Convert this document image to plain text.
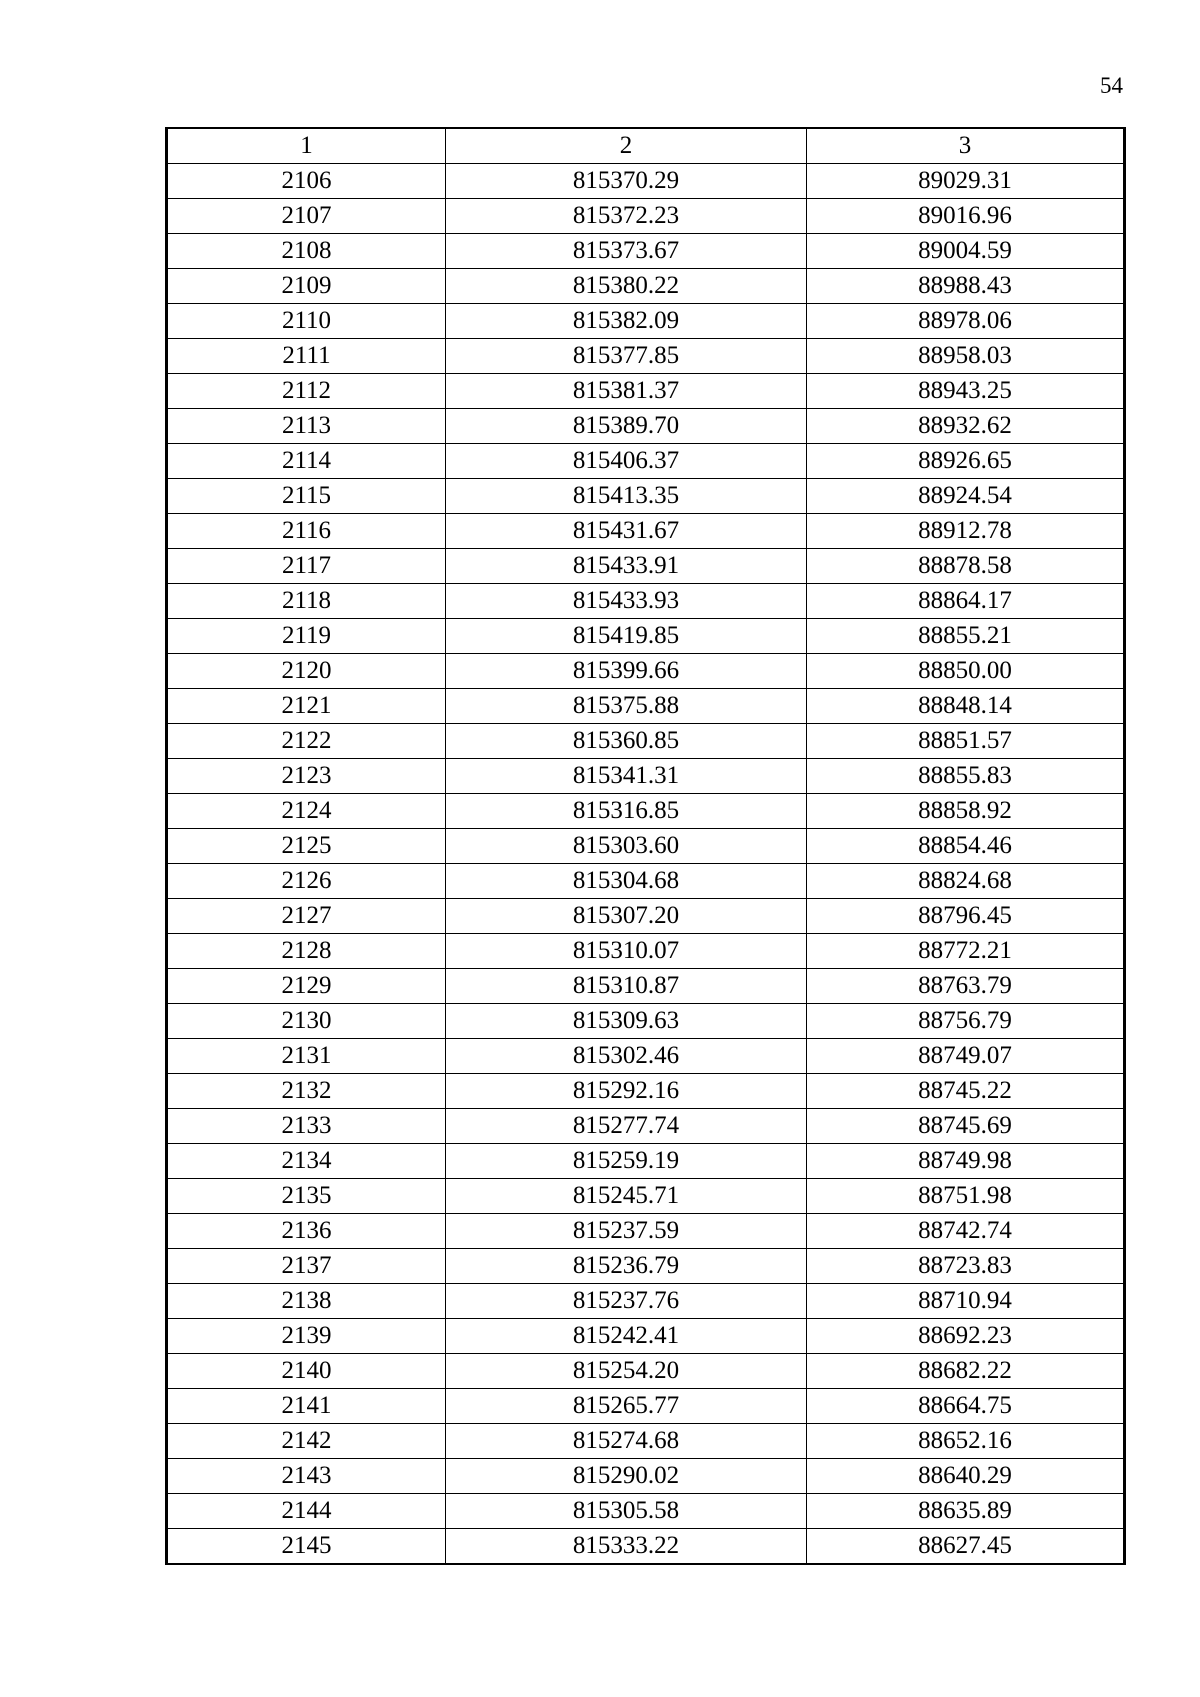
54
1	2	3
2106	815370.29	89029.31
2107	815372.23	89016.96
2108	815373.67	89004.59
2109	815380.22	88988.43
2110	815382.09	88978.06
2111	815377.85	88958.03
2112	815381.37	88943.25
2113	815389.70	88932.62
2114	815406.37	88926.65
2115	815413.35	88924.54
2116	815431.67	88912.78
2117	815433.91	88878.58
2118	815433.93	88864.17
2119	815419.85	88855.21
2120	815399.66	88850.00
2121	815375.88	88848.14
2122	815360.85	88851.57
2123	815341.31	88855.83
2124	815316.85	88858.92
2125	815303.60	88854.46
2126	815304.68	88824.68
2127	815307.20	88796.45
2128	815310.07	88772.21
2129	815310.87	88763.79
2130	815309.63	88756.79
2131	815302.46	88749.07
2132	815292.16	88745.22
2133	815277.74	88745.69
2134	815259.19	88749.98
2135	815245.71	88751.98
2136	815237.59	88742.74
2137	815236.79	88723.83
2138	815237.76	88710.94
2139	815242.41	88692.23
2140	815254.20	88682.22
2141	815265.77	88664.75
2142	815274.68	88652.16
2143	815290.02	88640.29
2144	815305.58	88635.89
2145	815333.22	88627.45
